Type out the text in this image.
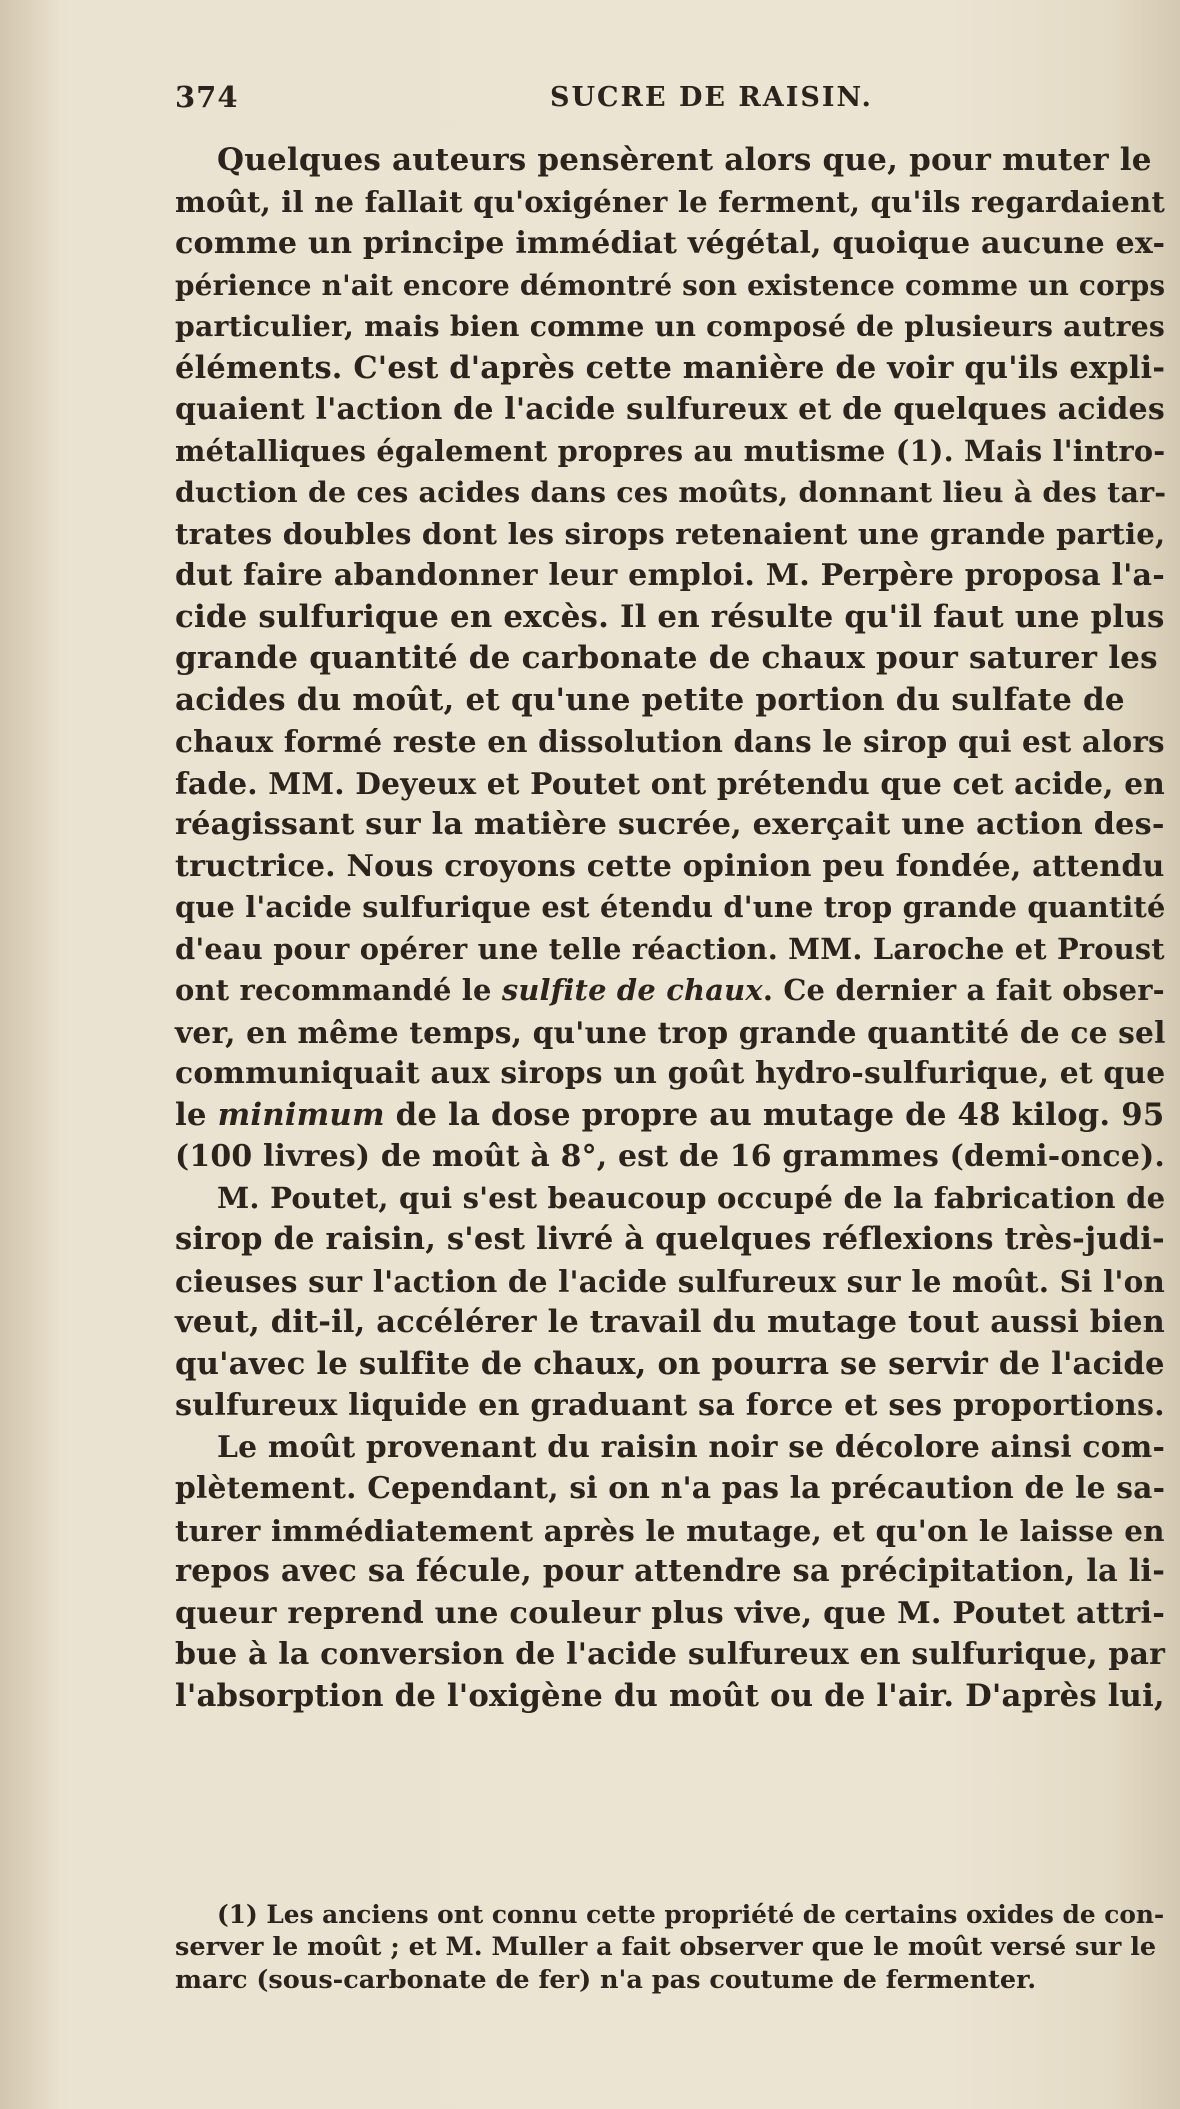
374	SUCRE DE RAISIN.
Quelques auteurs pensèrent alors que, pour muter le
moût, il ne fallait qu'oxigéner le ferment, qu'ils regardaient
comme un principe immédiat végétal, quoique aucune ex-
périence n'ait encore démontré son existence comme un corps
particulier, mais bien comme un composé de plusieurs autres
éléments. C'est d'après cette manière de voir qu'ils expli-
quaient l'action de l'acide sulfureux et de quelques acides
métalliques également propres au mutisme (1). Mais l'intro-
duction de ces acides dans ces moûts, donnant lieu à des tar-
trates doubles dont les sirops retenaient une grande partie,
dut faire abandonner leur emploi. M. Perpère proposa l'a-
cide sulfurique en excès. Il en résulte qu'il faut une plus
grande quantité de carbonate de chaux pour saturer les
acides du moût, et qu'une petite portion du sulfate de
chaux formé reste en dissolution dans le sirop qui est alors
fade. MM. Deyeux et Poutet ont prétendu que cet acide, en
réagissant sur la matière sucrée, exerçait une action des-
tructrice. Nous croyons cette opinion peu fondée, attendu
que l'acide sulfurique est étendu d'une trop grande quantité
d'eau pour opérer une telle réaction. MM. Laroche et Proust
ont recommandé le sulfite de chaux. Ce dernier a fait obser-
ver, en même temps, qu'une trop grande quantité de ce sel
communiquait aux sirops un goût hydro-sulfurique, et que
le minimum de la dose propre au mutage de 48 kilog. 95
(100 livres) de moût à 8°, est de 16 grammes (demi-once).
M. Poutet, qui s'est beaucoup occupé de la fabrication de
sirop de raisin, s'est livré à quelques réflexions très-judi-
cieuses sur l'action de l'acide sulfureux sur le moût. Si l'on
veut, dit-il, accélérer le travail du mutage tout aussi bien
qu'avec le sulfite de chaux, on pourra se servir de l'acide
sulfureux liquide en graduant sa force et ses proportions.
Le moût provenant du raisin noir se décolore ainsi com-
plètement. Cependant, si on n'a pas la précaution de le sa-
turer immédiatement après le mutage, et qu'on le laisse en
repos avec sa fécule, pour attendre sa précipitation, la li-
queur reprend une couleur plus vive, que M. Poutet attri-
bue à la conversion de l'acide sulfureux en sulfurique, par
l'absorption de l'oxigène du moût ou de l'air. D'après lui,
(1) Les anciens ont connu cette propriété de certains oxides de con-
server le moût ; et M. Muller a fait observer que le moût versé sur le
marc (sous-carbonate de fer) n'a pas coutume de fermenter.
